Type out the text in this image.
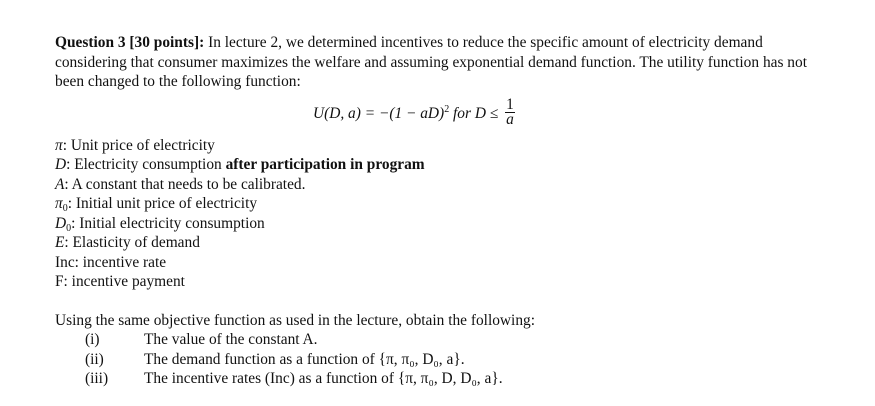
Question 3 [30 points]: In lecture 2, we determined incentives to reduce the specific amount of electricity demand considering that consumer maximizes the welfare and assuming exponential demand function. The utility function has not been changed to the following function:

U(D, a) = −(1 − aD)$^2$ for $D \le \frac{1}{a}$
π: Unit price of electricity
D: Electricity consumption after participation in program
A: A constant that needs to be calibrated.
$\pi_0$: Initial unit price of electricity
$D_0$: Initial electricity consumption
E: Elasticity of demand
Inc: incentive rate
F: incentive payment
Using the same objective function as used in the lecture, obtain the following:
(i)	The value of the constant A.
(ii)	The demand function as a function of {π, π₀, D₀, a}.
(iii)	The incentive rates (Inc) as a function of {π, π₀, D, D₀, a}.
